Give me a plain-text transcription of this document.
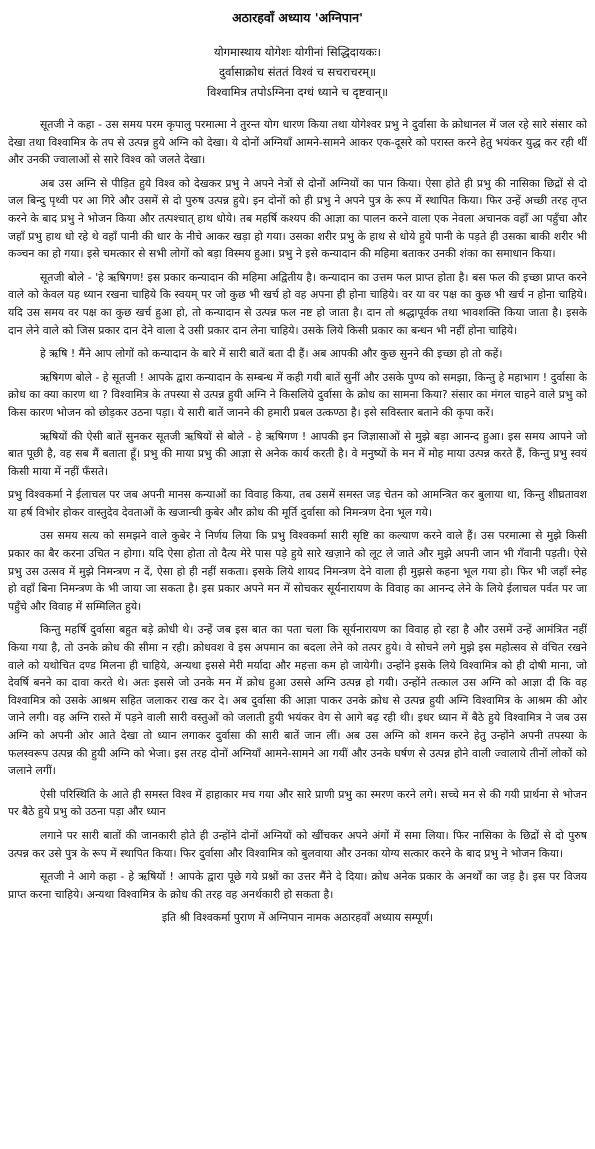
अठारहवाँ अध्याय 'अग्निपान'
योगमास्थाय योगेशः योगीनां सिद्धिदायकः।
दुर्वासाक्रोध संततं विश्वं च सचराचरम्॥
विश्वामित्र तपोऽग्निना दग्धं ध्याने च दृष्टवान्॥

सूतजी ने कहा - उस समय परम कृपालु परमात्मा ने तुरन्त योग धारण किया तथा योगेश्वर प्रभु ने दुर्वासा के क्रोधानल में जल रहे सारे संसार को देखा तथा विश्वामित्र के तप से उत्पन्न हुये अग्नि को देखा। ये दोनों अग्नियाँ आमने-सामने आकर एक-दूसरे को परास्त करने हेतु भयंकर युद्ध कर रही थीं और उनकी ज्वालाओं से सारे विश्व को जलते देखा।

अब उस अग्नि से पीड़ित हुये विश्व को देखकर प्रभु ने अपने नेत्रों से दोनों अग्नियों का पान किया। ऐसा होते ही प्रभु की नासिका छिद्रों से दो जल बिन्दु पृथ्वी पर आ गिरे और उसमें से दो पुरुष उत्पन्न हुये। इन दोनों को ही प्रभु ने अपने पुत्र के रूप में स्थापित किया। फिर उन्हें अच्छी तरह तृप्त करने के बाद प्रभु ने भोजन किया और तत्पश्चात् हाथ धोये। तब महर्षि कश्यप की आज्ञा का पालन करने वाला एक नेवला अचानक वहाँ आ पहुँचा और जहाँ प्रभु हाथ धो रहे थे वहाँ पानी की धार के नीचे आकर खड़ा हो गया। उसका शरीर प्रभु के हाथ से धोये हुये पानी के पड़ते ही उसका बाकी शरीर भी कञ्चन का हो गया। इसे चमत्कार से सभी लोगों को बड़ा विस्मय हुआ। प्रभु ने इसे कन्यादान की महिमा बताकर उनकी शंका का समाधान किया।

सूतजी बोले - 'हे ऋषिगण! इस प्रकार कन्यादान की महिमा अद्वितीय है। कन्यादान का उत्तम फल प्राप्त होता है। बस फल की इच्छा प्राप्त करने वाले को केवल यह ध्यान रखना चाहिये कि स्वयम् पर जो कुछ भी खर्च हो वह अपना ही होना चाहिये। वर या वर पक्ष का कुछ भी खर्च न होना चाहिये। यदि उस समय वर पक्ष का कुछ खर्च हुआ हो, तो कन्यादान से उत्पन्न फल नष्ट हो जाता है। दान तो श्रद्धापूर्वक तथा भावशक्ति किया जाता है। इसके दान लेने वाले को जिस प्रकार दान देने वाला दे उसी प्रकार दान लेना चाहिये। उसके लिये किसी प्रकार का बन्धन भी नहीं होना चाहिये।

हे ऋषि ! मैंने आप लोगों को कन्यादान के बारे में सारी बातें बता दी हैं। अब आपकी और कुछ सुनने की इच्छा हो तो कहें।

ऋषिगण बोले - हे सूतजी ! आपके द्वारा कन्यादान के सम्बन्ध में कही गयी बातें सुनीं और उसके पुण्य को समझा, किन्तु हे महाभाग ! दुर्वासा के क्रोध का क्या कारण था ? विश्वामित्र के तपस्या से उत्पन्न हुयी अग्नि ने किसलिये दुर्वासा के क्रोध का सामना किया? संसार का मंगल चाहने वाले प्रभु को किस कारण भोजन को छोड़कर उठना पड़ा। ये सारी बातें जानने की हमारी प्रबल उत्कण्ठा है। इसे सविस्तार बताने की कृपा करें।

ऋषियों की ऐसी बातें सुनकर सूतजी ऋषियों से बोले - हे ऋषिगण ! आपकी इन जिज्ञासाओं से मुझे बड़ा आनन्द हुआ। इस समय आपने जो बात पूछी है, वह सब मैं बताता हूँ। प्रभु की माया प्रभु की आज्ञा से अनेक कार्य करती है। वे मनुष्यों के मन में मोह माया उत्पन्न करते हैं, किन्तु प्रभु स्वयं किसी माया में नहीं फँसते।

प्रभु विश्वकर्मा ने ईलाचल पर जब अपनी मानस कन्याओं का विवाह किया, तब उसमें समस्त जड़ चेतन को आमन्त्रित कर बुलाया था, किन्तु शीघ्रतावश या हर्ष विभोर होकर वास्तुदेव देवताओं के खजान्ची कुबेर और क्रोध की मूर्ति दुर्वासा को निमन्त्रण देना भूल गये।

उस समय सत्य को समझने वाले कुबेर ने निर्णय लिया कि प्रभु विश्वकर्मा सारी सृष्टि का कल्याण करने वाले हैं। उस परमात्मा से मुझे किसी प्रकार का बैर करना उचित न होगा। यदि ऐसा होता तो दैत्य मेरे पास पड़े हुये सारे खज़ाने को लूट ले जाते और मुझे अपनी जान भी गँवानी पड़ती। ऐसे प्रभु उस उत्सव में मुझे निमन्त्रण न दें, ऐसा हो ही नहीं सकता। इसके लिये शायद निमन्त्रण देने वाला ही मुझसे कहना भूल गया हो। फिर भी जहाँ स्नेह हो वहाँ बिना निमन्त्रण के भी जाया जा सकता है। इस प्रकार अपने मन में सोचकर सूर्यनारायण के विवाह का आनन्द लेने के लिये ईलाचल पर्वत पर जा पहुँचे और विवाह में सम्मिलित हुये।

किन्तु महर्षि दुर्वासा बहुत बड़े क्रोधी थे। उन्हें जब इस बात का पता चला कि सूर्यनारायण का विवाह हो रहा है और उसमें उन्हें आमंत्रित नहीं किया गया है, तो उनके क्रोध की सीमा न रही। क्रोधवश वे इस अपमान का बदला लेने को तत्पर हुये। वे सोचने लगे मुझे इस महोत्सव से वंचित रखने वाले को यथोचित दण्ड मिलना ही चाहिये, अन्यथा इससे मेरी मर्यादा और महत्ता कम हो जायेगी। उन्होंने इसके लिये विश्वामित्र को ही दोषी माना, जो देवर्षि बनने का दावा करते थे। अतः इससे जो उनके मन में क्रोध हुआ उससे अग्नि उत्पन्न हो गयी। उन्होंने तत्काल उस अग्नि को आज्ञा दी कि वह विश्वामित्र को उसके आश्रम सहित जलाकर राख कर दे। अब दुर्वासा की आज्ञा पाकर उनके क्रोध से उत्पन्न हुयी अग्नि विश्वामित्र के आश्रम की ओर जाने लगी। वह अग्नि रास्ते में पड़ने वाली सारी वस्तुओं को जलाती हुयी भयंकर वेग से आगे बढ़ रही थी। इधर ध्यान में बैठे हुये विश्वामित्र ने जब उस अग्नि को अपनी ओर आते देखा तो ध्यान लगाकर दुर्वासा की सारी बातें जान लीं। अब उस अग्नि को शमन करने हेतु उन्होंने अपनी तपस्या के फलस्वरूप उत्पन्न की हुयी अग्नि को भेजा। इस तरह दोनों अग्नियाँ आमने-सामने आ गयीं और उनके घर्षण से उत्पन्न होने वाली ज्वालाये तीनों लोकों को जलाने लगीं।

ऐसी परिस्थिति के आते ही समस्त विश्व में हाहाकार मच गया और सारे प्राणी प्रभु का स्मरण करने लगे। सच्चे मन से की गयी प्रार्थना से भोजन पर बैठे हुये प्रभु को उठना पड़ा और ध्यान

लगाने पर सारी बातों की जानकारी होते ही उन्होंने दोनों अग्नियों को खींचकर अपने अंगों में समा लिया। फिर नासिका के छिद्रों से दो पुरुष उत्पन्न कर उसे पुत्र के रूप में स्थापित किया। फिर दुर्वासा और विश्वामित्र को बुलवाया और उनका योग्य सत्कार करने के बाद प्रभु ने भोजन किया।

सूतजी ने आगे कहा - हे ऋषियों ! आपके द्वारा पूछे गये प्रश्नों का उत्तर मैंने दे दिया। क्रोध अनेक प्रकार के अनर्थों का जड़ है। इस पर विजय प्राप्त करना चाहिये। अन्यथा विश्वामित्र के क्रोध की तरह वह अनर्थकारी हो सकता है।

इति श्री विश्वकर्मा पुराण में अग्निपान नामक अठारहवाँ अध्याय सम्पूर्ण।
